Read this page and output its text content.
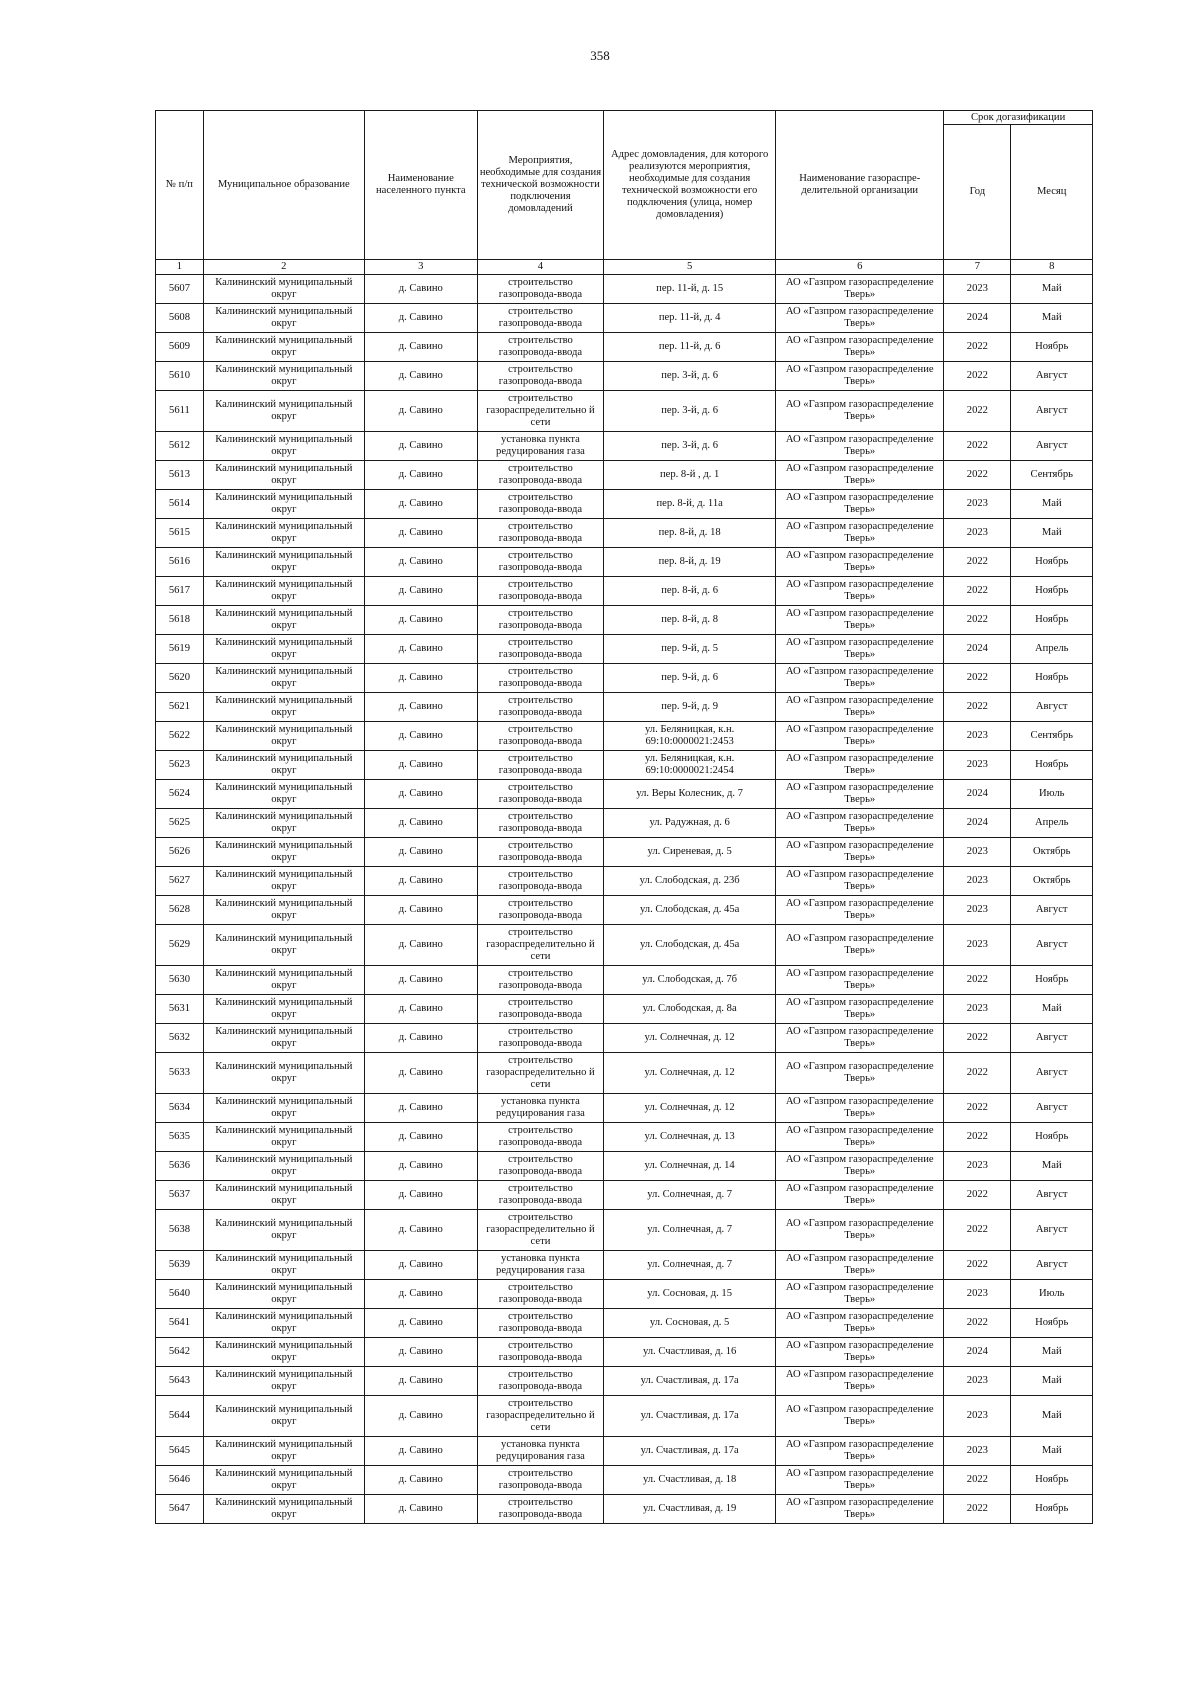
358
№ п/п	Муниципальное образование	Наименование населенного пункта	Мероприятия, необходимые для создания технической возможности подключения домовладений	Адрес домовладения, для которого реализуются мероприятия, необходимые для создания технической возможности его подключения (улица, номер домовладения)	Наименование газораспре-делительной организации	Срок догазификации	
						Год	Месяц
1	2	3	4	5	6	7	8
5607	Калининский муниципальный округ	д. Савино	строительство газопровода-ввода	пер. 11-й, д. 15	АО «Газпром газораспределение Тверь»	2023	Май
5608	Калининский муниципальный округ	д. Савино	строительство газопровода-ввода	пер. 11-й, д. 4	АО «Газпром газораспределение Тверь»	2024	Май
5609	Калининский муниципальный округ	д. Савино	строительство газопровода-ввода	пер. 11-й, д. 6	АО «Газпром газораспределение Тверь»	2022	Ноябрь
5610	Калининский муниципальный округ	д. Савино	строительство газопровода-ввода	пер. 3-й, д. 6	АО «Газпром газораспределение Тверь»	2022	Август
5611	Калининский муниципальный округ	д. Савино	строительство газораспределительно й сети	пер. 3-й, д. 6	АО «Газпром газораспределение Тверь»	2022	Август
5612	Калининский муниципальный округ	д. Савино	установка пункта редуцирования газа	пер. 3-й, д. 6	АО «Газпром газораспределение Тверь»	2022	Август
5613	Калининский муниципальный округ	д. Савино	строительство газопровода-ввода	пер. 8-й , д. 1	АО «Газпром газораспределение Тверь»	2022	Сентябрь
5614	Калининский муниципальный округ	д. Савино	строительство газопровода-ввода	пер. 8-й, д. 11а	АО «Газпром газораспределение Тверь»	2023	Май
5615	Калининский муниципальный округ	д. Савино	строительство газопровода-ввода	пер. 8-й, д. 18	АО «Газпром газораспределение Тверь»	2023	Май
5616	Калининский муниципальный округ	д. Савино	строительство газопровода-ввода	пер. 8-й, д. 19	АО «Газпром газораспределение Тверь»	2022	Ноябрь
5617	Калининский муниципальный округ	д. Савино	строительство газопровода-ввода	пер. 8-й, д. 6	АО «Газпром газораспределение Тверь»	2022	Ноябрь
5618	Калининский муниципальный округ	д. Савино	строительство газопровода-ввода	пер. 8-й, д. 8	АО «Газпром газораспределение Тверь»	2022	Ноябрь
5619	Калининский муниципальный округ	д. Савино	строительство газопровода-ввода	пер. 9-й, д. 5	АО «Газпром газораспределение Тверь»	2024	Апрель
5620	Калининский муниципальный округ	д. Савино	строительство газопровода-ввода	пер. 9-й, д. 6	АО «Газпром газораспределение Тверь»	2022	Ноябрь
5621	Калининский муниципальный округ	д. Савино	строительство газопровода-ввода	пер. 9-й, д. 9	АО «Газпром газораспределение Тверь»	2022	Август
5622	Калининский муниципальный округ	д. Савино	строительство газопровода-ввода	ул. Беляницкая, к.н. 69:10:0000021:2453	АО «Газпром газораспределение Тверь»	2023	Сентябрь
5623	Калининский муниципальный округ	д. Савино	строительство газопровода-ввода	ул. Беляницкая, к.н. 69:10:0000021:2454	АО «Газпром газораспределение Тверь»	2023	Ноябрь
5624	Калининский муниципальный округ	д. Савино	строительство газопровода-ввода	ул. Веры Колесник, д. 7	АО «Газпром газораспределение Тверь»	2024	Июль
5625	Калининский муниципальный округ	д. Савино	строительство газопровода-ввода	ул. Радужная, д. 6	АО «Газпром газораспределение Тверь»	2024	Апрель
5626	Калининский муниципальный округ	д. Савино	строительство газопровода-ввода	ул. Сиреневая, д. 5	АО «Газпром газораспределение Тверь»	2023	Октябрь
5627	Калининский муниципальный округ	д. Савино	строительство газопровода-ввода	ул. Слободская, д. 23б	АО «Газпром газораспределение Тверь»	2023	Октябрь
5628	Калининский муниципальный округ	д. Савино	строительство газопровода-ввода	ул. Слободская, д. 45а	АО «Газпром газораспределение Тверь»	2023	Август
5629	Калининский муниципальный округ	д. Савино	строительство газораспределительно й сети	ул. Слободская, д. 45а	АО «Газпром газораспределение Тверь»	2023	Август
5630	Калининский муниципальный округ	д. Савино	строительство газопровода-ввода	ул. Слободская, д. 7б	АО «Газпром газораспределение Тверь»	2022	Ноябрь
5631	Калининский муниципальный округ	д. Савино	строительство газопровода-ввода	ул. Слободская, д. 8а	АО «Газпром газораспределение Тверь»	2023	Май
5632	Калининский муниципальный округ	д. Савино	строительство газопровода-ввода	ул. Солнечная, д. 12	АО «Газпром газораспределение Тверь»	2022	Август
5633	Калининский муниципальный округ	д. Савино	строительство газораспределительно й сети	ул. Солнечная, д. 12	АО «Газпром газораспределение Тверь»	2022	Август
5634	Калининский муниципальный округ	д. Савино	установка пункта редуцирования газа	ул. Солнечная, д. 12	АО «Газпром газораспределение Тверь»	2022	Август
5635	Калининский муниципальный округ	д. Савино	строительство газопровода-ввода	ул. Солнечная, д. 13	АО «Газпром газораспределение Тверь»	2022	Ноябрь
5636	Калининский муниципальный округ	д. Савино	строительство газопровода-ввода	ул. Солнечная, д. 14	АО «Газпром газораспределение Тверь»	2023	Май
5637	Калининский муниципальный округ	д. Савино	строительство газопровода-ввода	ул. Солнечная, д. 7	АО «Газпром газораспределение Тверь»	2022	Август
5638	Калининский муниципальный округ	д. Савино	строительство газораспределительно й сети	ул. Солнечная, д. 7	АО «Газпром газораспределение Тверь»	2022	Август
5639	Калининский муниципальный округ	д. Савино	установка пункта редуцирования газа	ул. Солнечная, д. 7	АО «Газпром газораспределение Тверь»	2022	Август
5640	Калининский муниципальный округ	д. Савино	строительство газопровода-ввода	ул. Сосновая, д. 15	АО «Газпром газораспределение Тверь»	2023	Июль
5641	Калининский муниципальный округ	д. Савино	строительство газопровода-ввода	ул. Сосновая, д. 5	АО «Газпром газораспределение Тверь»	2022	Ноябрь
5642	Калининский муниципальный округ	д. Савино	строительство газопровода-ввода	ул. Счастливая, д. 16	АО «Газпром газораспределение Тверь»	2024	Май
5643	Калининский муниципальный округ	д. Савино	строительство газопровода-ввода	ул. Счастливая, д. 17а	АО «Газпром газораспределение Тверь»	2023	Май
5644	Калининский муниципальный округ	д. Савино	строительство газораспределительно й сети	ул. Счастливая, д. 17а	АО «Газпром газораспределение Тверь»	2023	Май
5645	Калининский муниципальный округ	д. Савино	установка пункта редуцирования газа	ул. Счастливая, д. 17а	АО «Газпром газораспределение Тверь»	2023	Май
5646	Калининский муниципальный округ	д. Савино	строительство газопровода-ввода	ул. Счастливая, д. 18	АО «Газпром газораспределение Тверь»	2022	Ноябрь
5647	Калининский муниципальный округ	д. Савино	строительство газопровода-ввода	ул. Счастливая, д. 19	АО «Газпром газораспределение Тверь»	2022	Ноябрь
